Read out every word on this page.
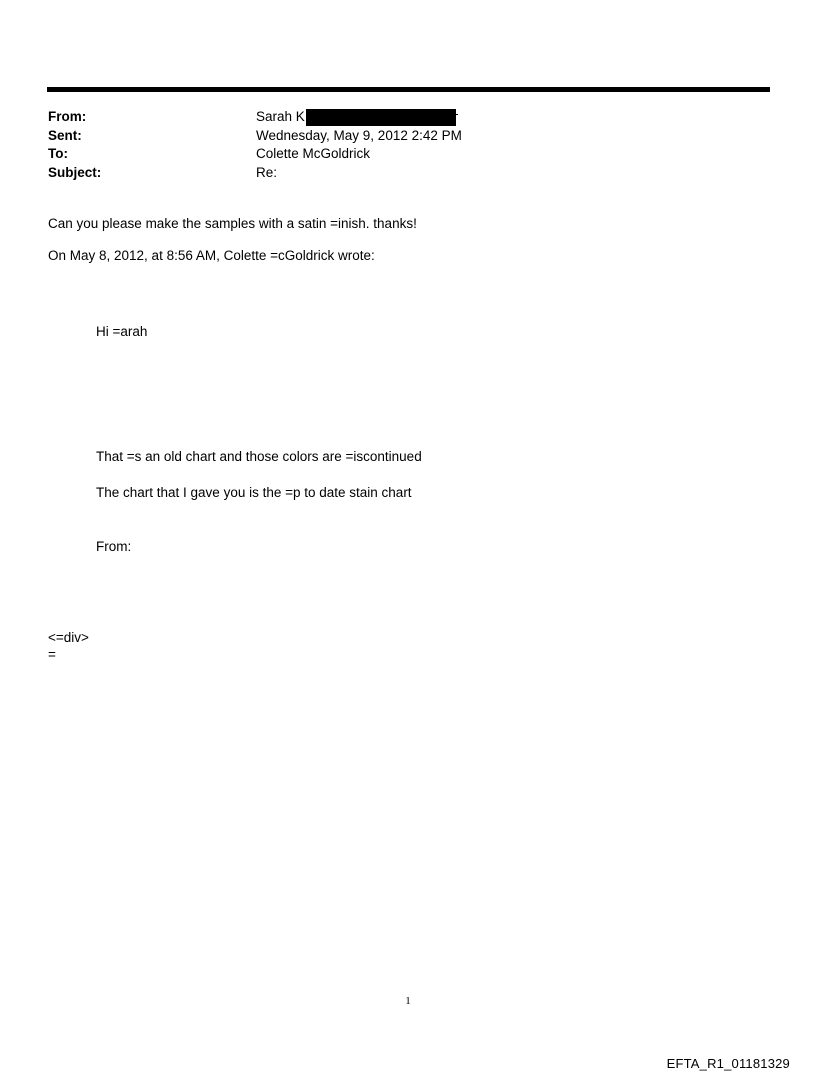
From:	Sarah K
Sent:	Wednesday, May 9, 2012 2:42 PM
To:	Colette McGoldrick
Subject:	Re:
Can you please make the samples with a satin =inish. thanks!
On May 8, 2012, at 8:56 AM, Colette =cGoldrick wrote:
Hi =arah
That =s an old chart and those colors are =iscontinued
The chart that I gave you is the =p to date stain chart
From:
<=div>
=
1
EFTA_R1_01181329
